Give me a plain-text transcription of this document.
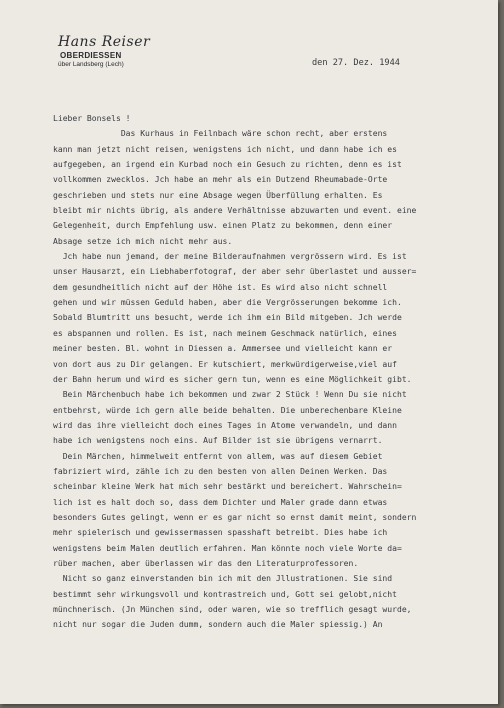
Hans Reiser
OBERDIESSEN
über Landsberg (Lech)	den 27. Dez. 1944
Lieber Bonsels !
Das Kurhaus in Feilnbach wäre schon recht, aber erstens
kann man jetzt nicht reisen, wenigstens ich nicht, und dann habe ich es
aufgegeben, an irgend ein Kurbad noch ein Gesuch zu richten, denn es ist
vollkommen zwecklos. Jch habe an mehr als ein Dutzend Rheumabade-Orte
geschrieben und stets nur eine Absage wegen Überfüllung erhalten. Es
bleibt mir nichts übrig, als andere Verhältnisse abzuwarten und event. eine
Gelegenheit, durch Empfehlung usw. einen Platz zu bekommen, denn einer
Absage setze ich mich nicht mehr aus.
Jch habe nun jemand, der meine Bilderaufnahmen vergrössern wird. Es ist
unser Hausarzt, ein Liebhaberfotograf, der aber sehr überlastet und ausser=
dem gesundheitlich nicht auf der Höhe ist. Es wird also nicht schnell
gehen und wir müssen Geduld haben, aber die Vergrösserungen bekomme ich.
Sobald Blumtritt uns besucht, werde ich ihm ein Bild mitgeben. Jch werde
es abspannen und rollen. Es ist, nach meinem Geschmack natürlich, eines
meiner besten. Bl. wohnt in Diessen a. Ammersee und vielleicht kann er
von dort aus zu Dir gelangen. Er kutschiert, merkwürdigerweise,viel auf
der Bahn herum und wird es sicher gern tun, wenn es eine Möglichkeit gibt.
Bein Märchenbuch habe ich bekommen und zwar 2 Stück ! Wenn Du sie nicht
entbehrst, würde ich gern alle beide behalten. Die unberechenbare Kleine
wird das ihre vielleicht doch eines Tages in Atome verwandeln, und dann
habe ich wenigstens noch eins. Auf Bilder ist sie übrigens vernarrt.
Dein Märchen, himmelweit entfernt von allem, was auf diesem Gebiet
fabriziert wird, zähle ich zu den besten von allen Deinen Werken. Das
scheinbar kleine Werk hat mich sehr bestärkt und bereichert. Wahrschein=
lich ist es halt doch so, dass dem Dichter und Maler grade dann etwas
besonders Gutes gelingt, wenn er es gar nicht so ernst damit meint, sondern
mehr spielerisch und gewissermassen spasshaft betreibt. Dies habe ich
wenigstens beim Malen deutlich erfahren. Man könnte noch viele Worte da=
rüber machen, aber überlassen wir das den Literaturprofessoren.
Nicht so ganz einverstanden bin ich mit den Jllustrationen. Sie sind
bestimmt sehr wirkungsvoll und kontrastreich und, Gott sei gelobt,nicht
münchnerisch. (Jn München sind, oder waren, wie so trefflich gesagt wurde,
nicht nur sogar die Juden dumm, sondern auch die Maler spiessig.) An
